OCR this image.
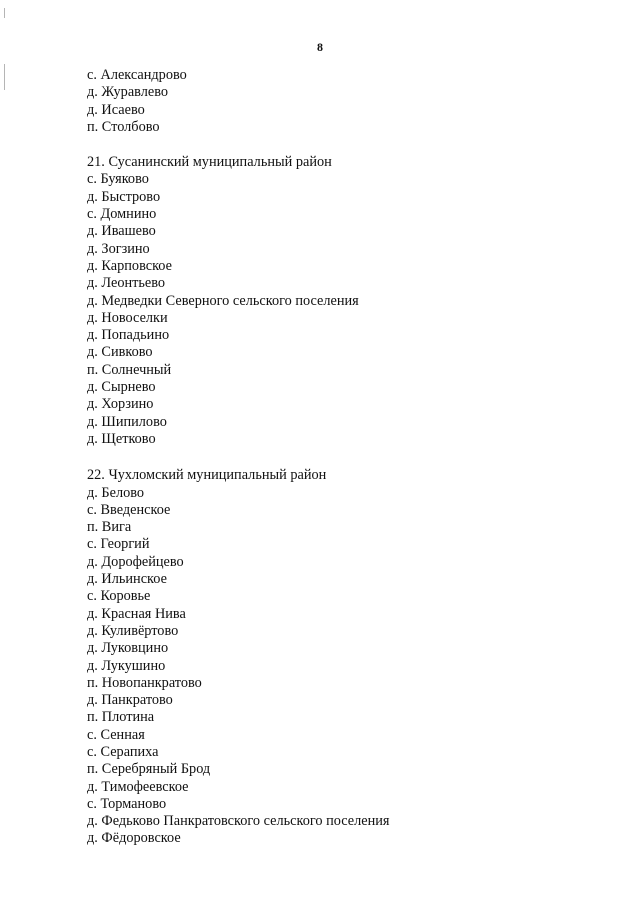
8
с. Александрово
д. Журавлево
д. Исаево
п. Столбово
21. Сусанинский муниципальный район
с. Буяково
д. Быстрово
с. Домнино
д. Ивашево
д. Зогзино
д. Карповское
д. Леонтьево
д. Медведки Северного сельского поселения
д. Новоселки
д. Попадьино
д. Сивково
п. Солнечный
д. Сырнево
д. Хорзино
д. Шипилово
д. Щетково
22. Чухломский муниципальный район
д. Белово
с. Введенское
п. Вига
с. Георгий
д. Дорофейцево
д. Ильинское
с. Коровье
д. Красная Нива
д. Куливёртово
д. Луковцино
д. Лукушино
п. Новопанкратово
д. Панкратово
п. Плотина
с. Сенная
с. Серапиха
п. Серебряный Брод
д. Тимофеевское
с. Торманово
д. Федьково Панкратовского сельского поселения
д. Фёдоровское
